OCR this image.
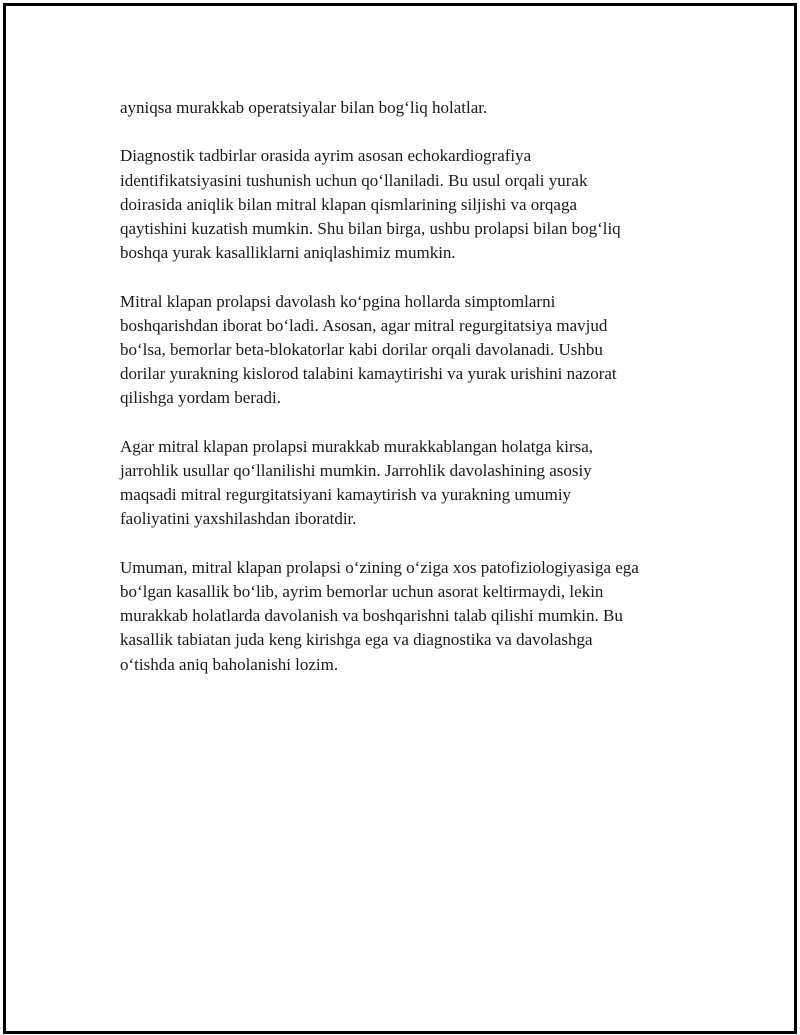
ayniqsa murakkab operatsiyalar bilan bog‘liq holatlar.

Diagnostik tadbirlar orasida ayrim asosan echokardiografiya
identifikatsiyasini tushunish uchun qo‘llaniladi. Bu usul orqali yurak
doirasida aniqlik bilan mitral klapan qismlarining siljishi va orqaga
qaytishini kuzatish mumkin. Shu bilan birga, ushbu prolapsi bilan bog‘liq
boshqa yurak kasalliklarni aniqlashimiz mumkin.

Mitral klapan prolapsi davolash ko‘pgina hollarda simptomlarni
boshqarishdan iborat bo‘ladi. Asosan, agar mitral regurgitatsiya mavjud
bo‘lsa, bemorlar beta-blokatorlar kabi dorilar orqali davolanadi. Ushbu
dorilar yurakning kislorod talabini kamaytirishi va yurak urishini nazorat
qilishga yordam beradi.

Agar mitral klapan prolapsi murakkab murakkablangan holatga kirsa,
jarrohlik usullar qo‘llanilishi mumkin. Jarrohlik davolashining asosiy
maqsadi mitral regurgitatsiyani kamaytirish va yurakning umumiy
faoliyatini yaxshilashdan iboratdir.

Umuman, mitral klapan prolapsi o‘zining o‘ziga xos patofiziologiyasiga ega
bo‘lgan kasallik bo‘lib, ayrim bemorlar uchun asorat keltirmaydi, lekin
murakkab holatlarda davolanish va boshqarishni talab qilishi mumkin. Bu
kasallik tabiatan juda keng kirishga ega va diagnostika va davolashga
o‘tishda aniq baholanishi lozim.
